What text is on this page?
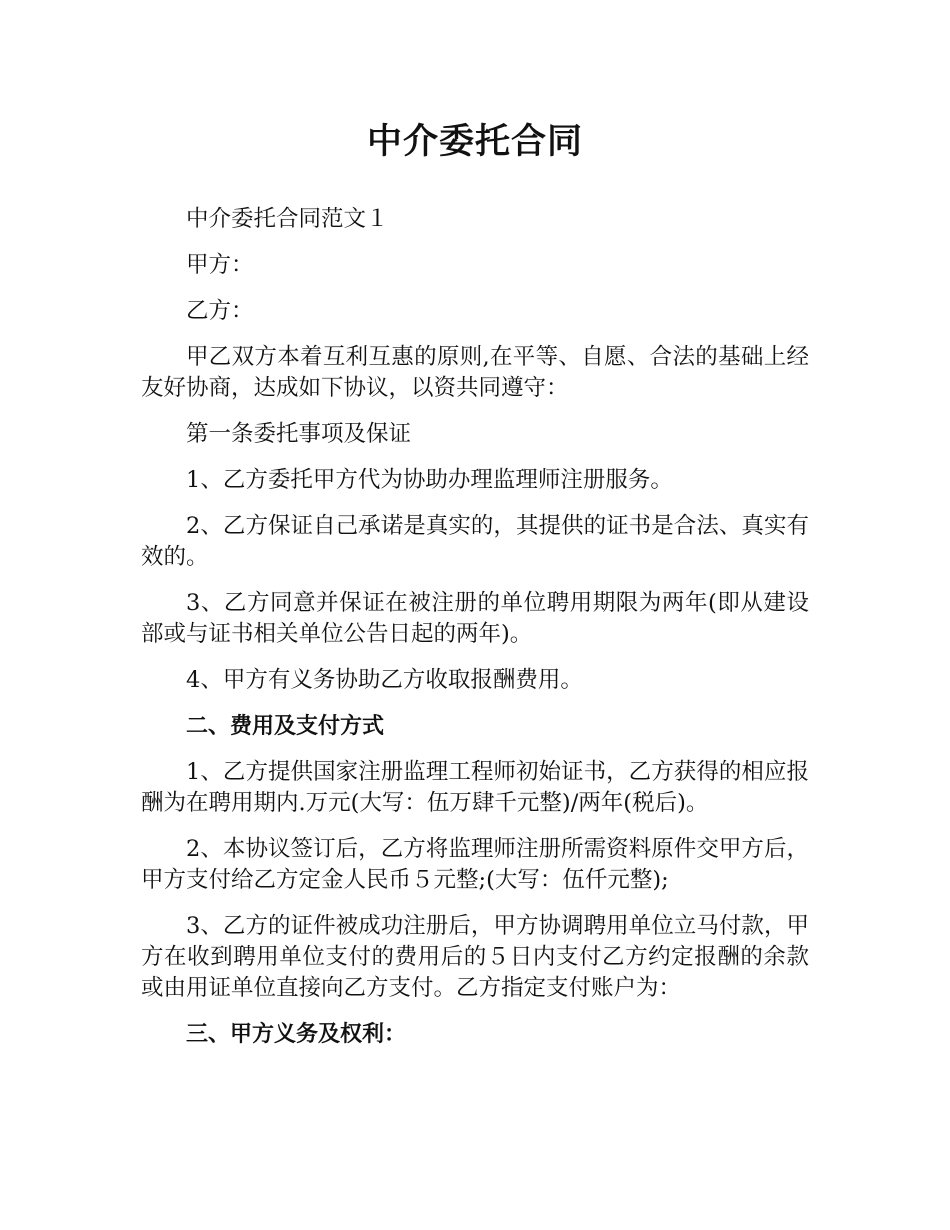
中介委托合同

中介委托合同范文１

甲方：

乙方：

甲乙双方本着互利互惠的原则,在平等、自愿、合法的基础上经友好协商，达成如下协议，以资共同遵守：

第一条委托事项及保证

1、乙方委托甲方代为协助办理监理师注册服务。

2、乙方保证自己承诺是真实的，其提供的证书是合法、真实有效的。

3、乙方同意并保证在被注册的单位聘用期限为两年(即从建设部或与证书相关单位公告日起的两年)。

4、甲方有义务协助乙方收取报酬费用。

二、费用及支付方式

1、乙方提供国家注册监理工程师初始证书，乙方获得的相应报酬为在聘用期内.万元(大写：伍万肆千元整)/两年(税后)。

2、本协议签订后，乙方将监理师注册所需资料原件交甲方后，甲方支付给乙方定金人民币５元整;(大写：伍仟元整);

3、乙方的证件被成功注册后，甲方协调聘用单位立马付款，甲方在收到聘用单位支付的费用后的５日内支付乙方约定报酬的余款或由用证单位直接向乙方支付。乙方指定支付账户为：

三、甲方义务及权利：
